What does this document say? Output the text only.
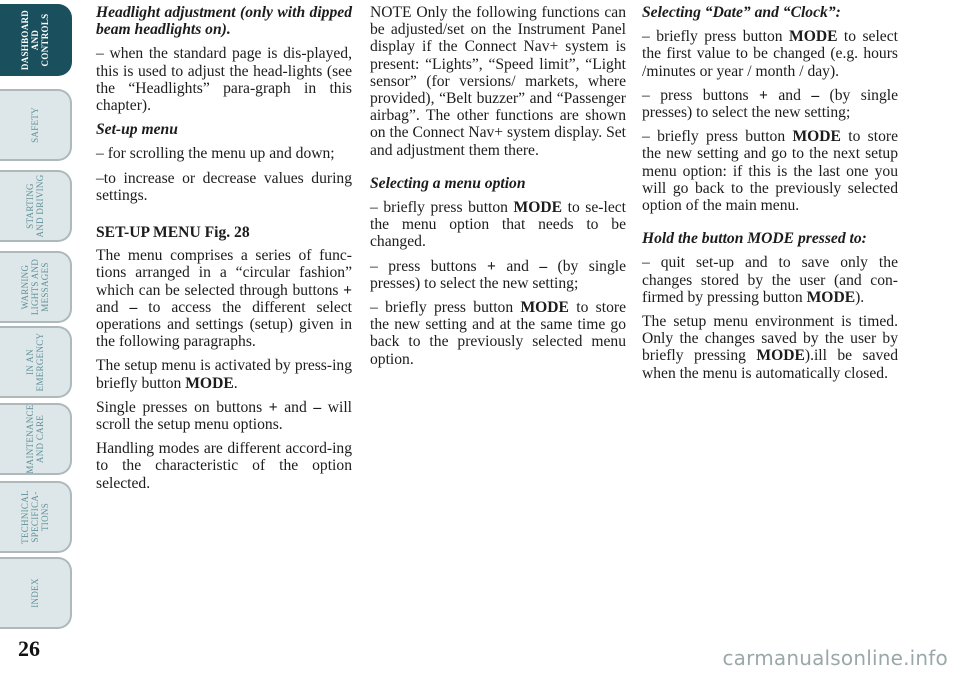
DASHBOARD
AND
CONTROLS
SAFETY
STARTING
AND DRIVING
WARNING
LIGHTS AND
MESSAGES
IN AN
EMERGENCY
MAINTENANCE
AND CARE
TECHNICAL
SPECIFICA-
TIONS
INDEX
26

Headlight adjustment (only with dipped beam headlights on).

– when the standard page is dis-played, this is used to adjust the head-lights (see the “Headlights” para-graph in this chapter).

Set-up menu

– for scrolling the menu up and down;

–to increase or decrease values during settings.

SET-UP MENU Fig. 28

The menu comprises a series of func-tions arranged in a “circular fashion” which can be selected through buttons + and – to access the different select operations and settings (setup) given in the following paragraphs.

The setup menu is activated by press-ing briefly button MODE.

Single presses on buttons + and – will scroll the setup menu options.

Handling modes are different accord-ing to the characteristic of the option selected.

NOTE Only the following functions can be adjusted/set on the Instrument Panel display if the Connect Nav+ system is present: “Lights”, “Speed limit”, “Light sensor” (for versions/ markets, where provided), “Belt buzzer” and “Passenger airbag”. The other functions are shown on the Connect Nav+ system display. Set and adjustment them there.

Selecting a menu option

– briefly press button MODE to se-lect the menu option that needs to be changed.

– press buttons + and – (by single presses) to select the new setting;

– briefly press button MODE to store the new setting and at the same time go back to the previously selected menu option.

Selecting “Date” and “Clock”:

– briefly press button MODE to select the first value to be changed (e.g. hours /minutes or year / month / day).

– press buttons + and – (by single presses) to select the new setting;

– briefly press button MODE to store the new setting and go to the next setup menu option: if this is the last one you will go back to the previously selected option of the main menu.

Hold the button MODE pressed to:

– quit set-up and to save only the changes stored by the user (and con-firmed by pressing button MODE).

The setup menu environment is timed. Only the changes saved by the user by briefly pressing MODE).ill be saved when the menu is automatically closed.

carmanualsonline.info
